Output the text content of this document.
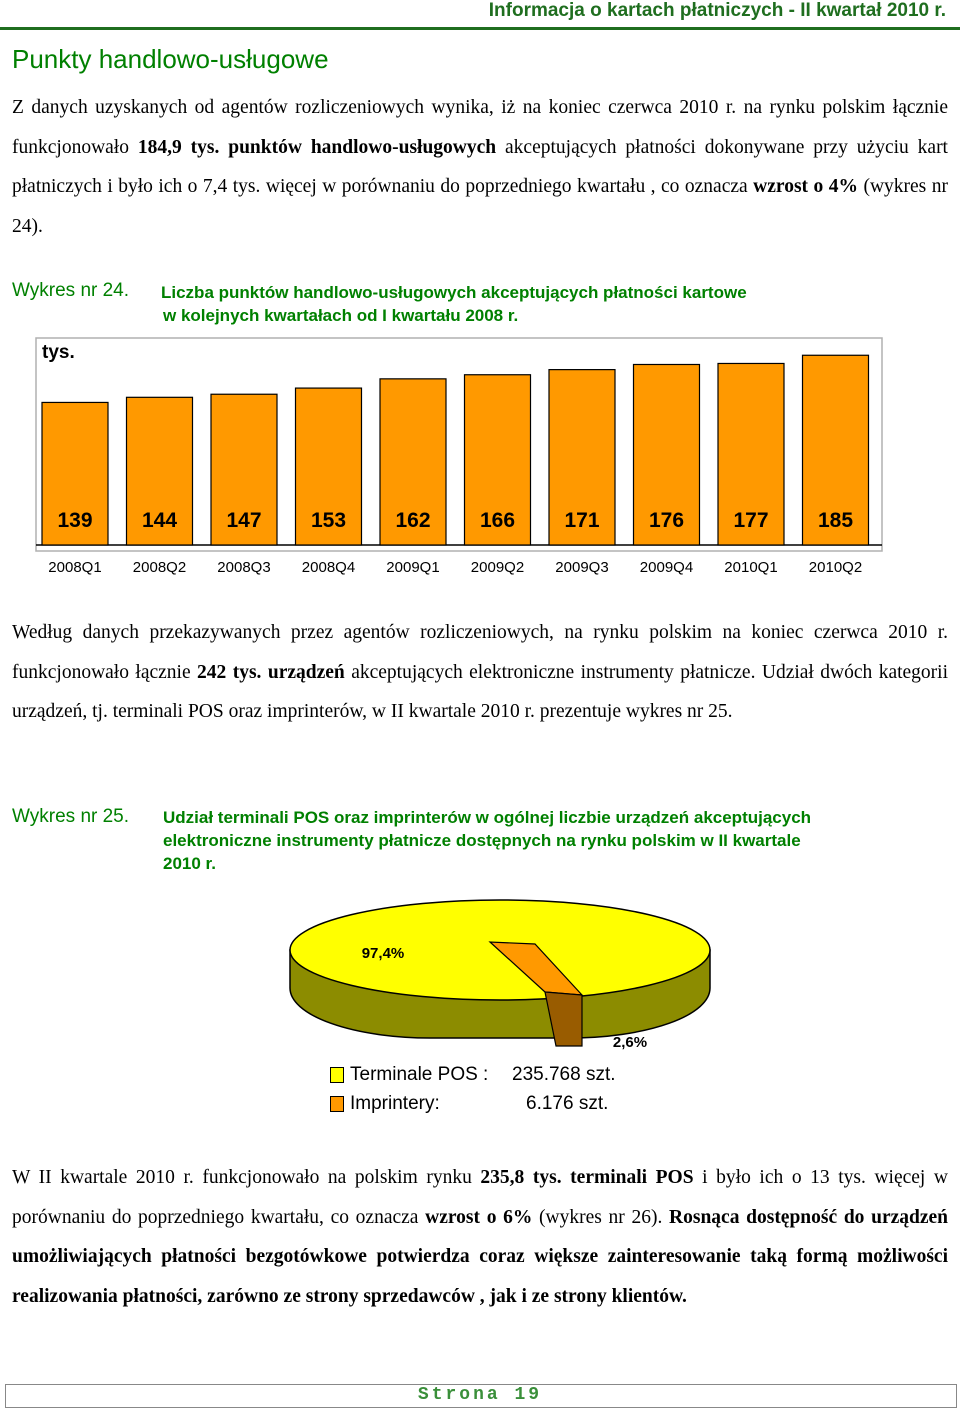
Informacja o kartach płatniczych - II kwartał 2010 r.
Punkty handlowo-usługowe

Z danych uzyskanych od agentów rozliczeniowych wynika, iż na koniec czerwca 2010 r. na rynku polskim łącznie funkcjonowało 184,9 tys. punktów handlowo-usługowych akceptujących płatności dokonywane przy użyciu kart płatniczych i było ich o 7,4 tys. więcej w porównaniu do poprzedniego kwartału , co oznacza wzrost o 4% (wykres nr 24).

Wykres nr 24. Liczba punktów handlowo-usługowych akceptujących płatności kartowe
w kolejnych kwartałach od I kwartału 2008 r.
tys.
139 144 147 153 162 166 171 176 177 185
2008Q1 2008Q2 2008Q3 2008Q4 2009Q1 2009Q2 2009Q3 2009Q4 2010Q1 2010Q2

Według danych przekazywanych przez agentów rozliczeniowych, na rynku polskim na koniec czerwca 2010 r. funkcjonowało łącznie 242 tys. urządzeń akceptujących elektroniczne instrumenty płatnicze. Udział dwóch kategorii urządzeń, tj. terminali POS oraz imprinterów, w II kwartale 2010 r. prezentuje wykres nr 25.

Wykres nr 25. Udział terminali POS oraz imprinterów w ogólnej liczbie urządzeń akceptujących
elektroniczne instrumenty płatnicze dostępnych na rynku polskim w II kwartale
2010 r.
97,4%
2,6%
Terminale POS :	235.768 szt.
Imprintery:	6.176 szt.

W II kwartale 2010 r. funkcjonowało na polskim rynku 235,8 tys. terminali POS i było ich o 13 tys. więcej w porównaniu do poprzedniego kwartału, co oznacza wzrost o 6% (wykres nr 26). Rosnąca dostępność do urządzeń umożliwiających płatności bezgotówkowe potwierdza coraz większe zainteresowanie taką formą możliwości realizowania płatności, zarówno ze strony sprzedawców , jak i ze strony klientów.

Strona 19
